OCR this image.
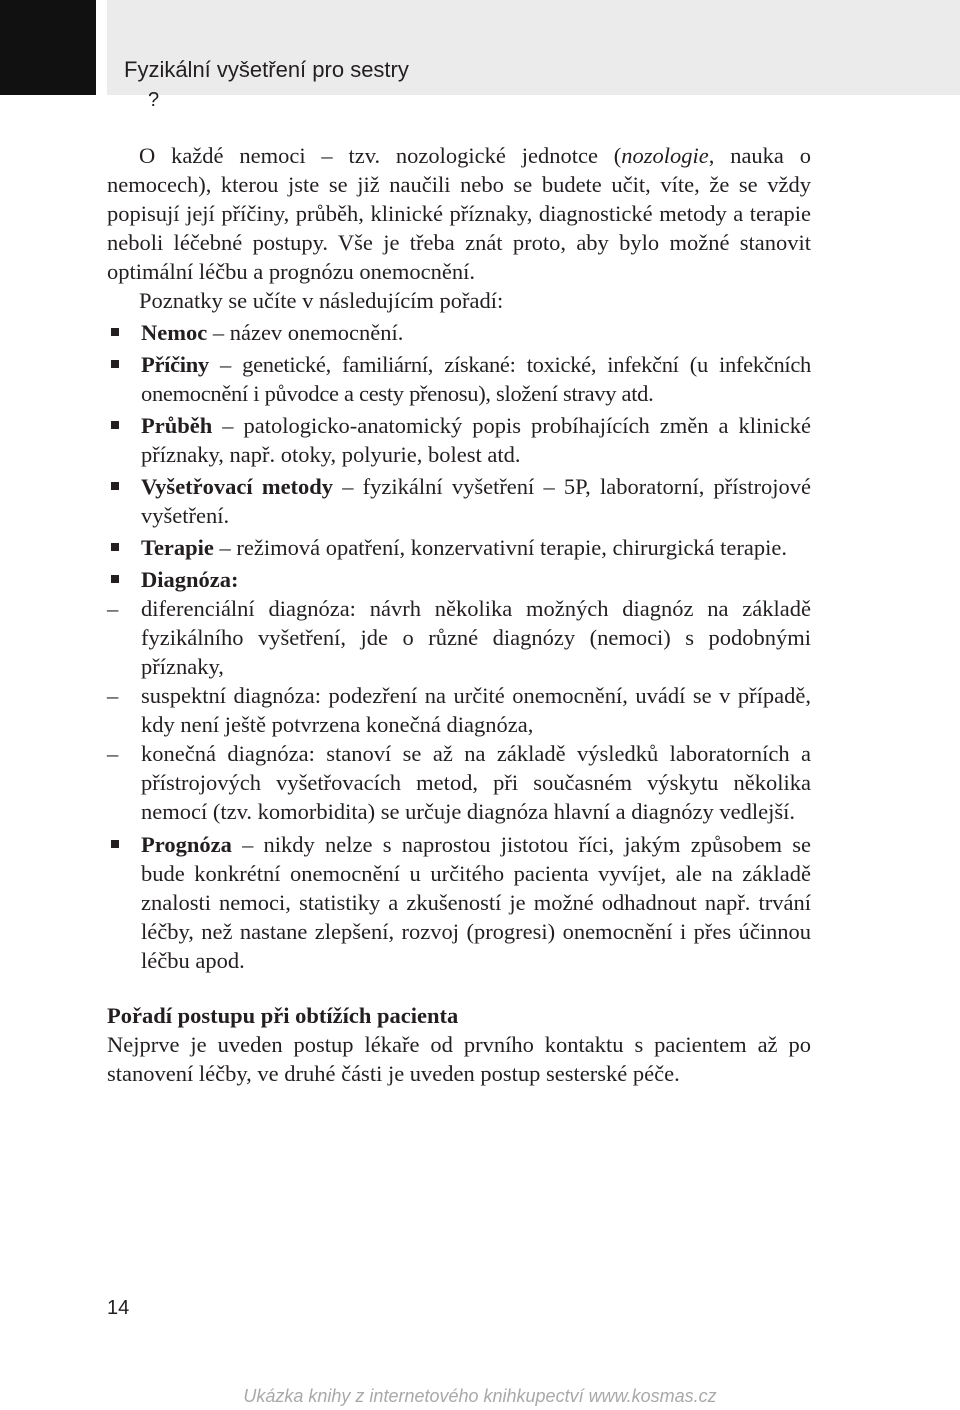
Fyzikální vyšetření pro sestry
?

O každé nemoci – tzv. nozologické jednotce (nozologie, nauka o nemocech), kterou jste se již naučili nebo se budete učit, víte, že se vždy popisují její příčiny, průběh, klinické příznaky, diagnostické metody a terapie neboli léčebné postupy. Vše je třeba znát proto, aby bylo možné stanovit optimální léčbu a prognózu onemocnění.

Poznatky se učíte v následujícím pořadí:

Nemoc – název onemocnění.
Příčiny – genetické, familiární, získané: toxické, infekční (u infekčních onemocnění i původce a cesty přenosu), složení stravy atd.
Průběh – patologicko-anatomický popis probíhajících změn a klinické příznaky, např. otoky, polyurie, bolest atd.
Vyšetřovací metody – fyzikální vyšetření – 5P, laboratorní, přístrojové vyšetření.
Terapie – režimová opatření, konzervativní terapie, chirurgická terapie.
Diagnóza:
– diferenciální diagnóza: návrh několika možných diagnóz na základě fyzikálního vyšetření, jde o různé diagnózy (nemoci) s podobnými příznaky,
– suspektní diagnóza: podezření na určité onemocnění, uvádí se v případě, kdy není ještě potvrzena konečná diagnóza,
– konečná diagnóza: stanoví se až na základě výsledků laboratorních a přístrojových vyšetřovacích metod, při současném výskytu několika nemocí (tzv. komorbidita) se určuje diagnóza hlavní a diagnózy vedlejší.
Prognóza – nikdy nelze s naprostou jistotou říci, jakým způsobem se bude konkrétní onemocnění u určitého pacienta vyvíjet, ale na základě znalosti nemoci, statistiky a zkušeností je možné odhadnout např. trvání léčby, než nastane zlepšení, rozvoj (progresi) onemocnění i přes účinnou léčbu apod.

Pořadí postupu při obtížích pacienta

Nejprve je uveden postup lékaře od prvního kontaktu s pacientem až po stanovení léčby, ve druhé části je uveden postup sesterské péče.

14
Ukázka knihy z internetového knihkupectví www.kosmas.cz
